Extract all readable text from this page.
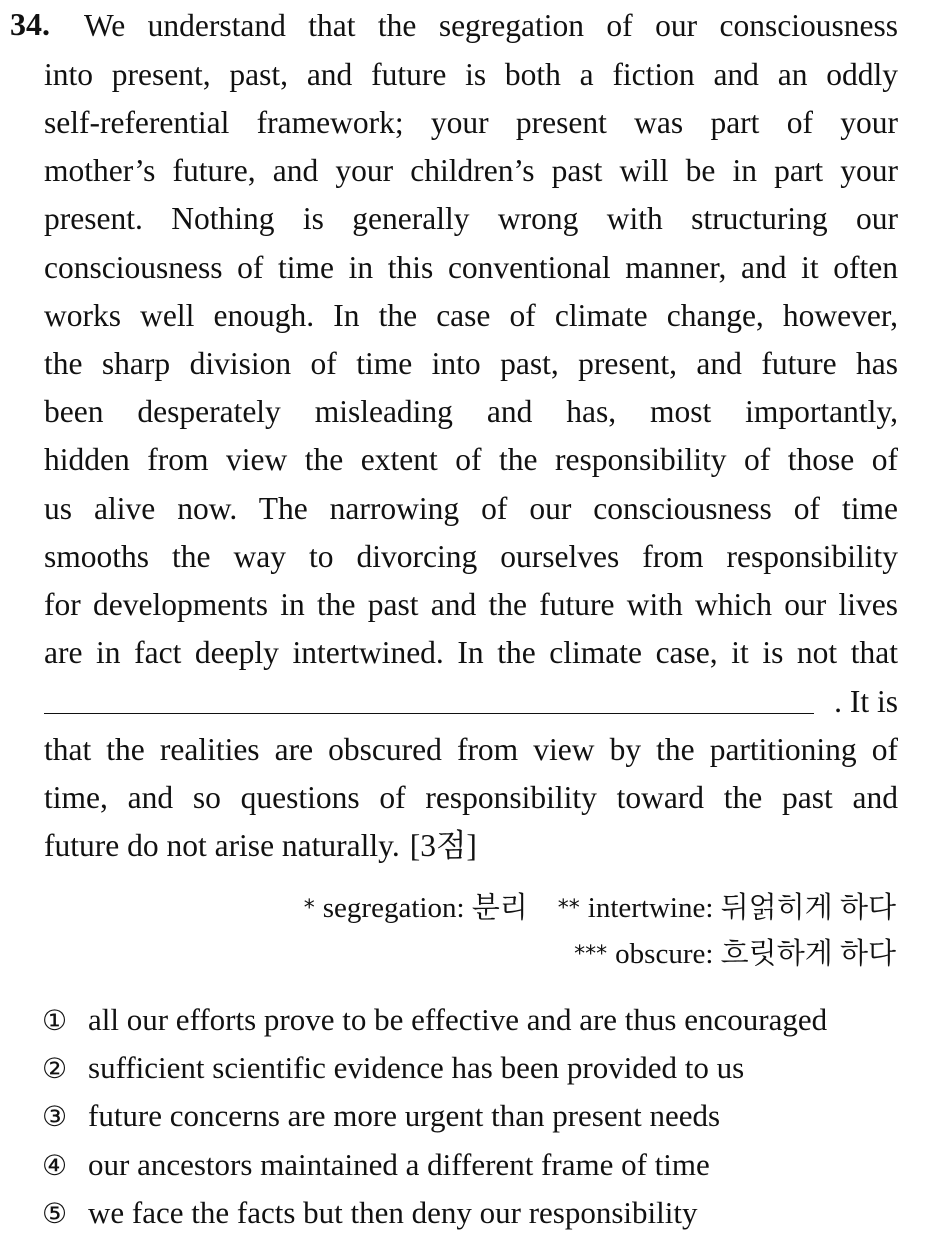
34. We understand that the segregation of our consciousness
into present, past, and future is both a fiction and an oddly
self-referential framework; your present was part of your
mother’s future, and your children’s past will be in part your
present. Nothing is generally wrong with structuring our
consciousness of time in this conventional manner, and it often
works well enough. In the case of climate change, however,
the sharp division of time into past, present, and future has
been desperately misleading and has, most importantly,
hidden from view the extent of the responsibility of those of
us alive now. The narrowing of our consciousness of time
smooths the way to divorcing ourselves from responsibility
for developments in the past and the future with which our lives
are in fact deeply intertwined. In the climate case, it is not that
. It is
that the realities are obscured from view by the partitioning of
time, and so questions of responsibility toward the past and
future do not arise naturally. [3점]
* segregation: 분리 ** intertwine: 뒤얽히게 하다
*** obscure: 흐릿하게 하다
① all our efforts prove to be effective and are thus encouraged
② sufficient scientific evidence has been provided to us
③ future concerns are more urgent than present needs
④ our ancestors maintained a different frame of time
⑤ we face the facts but then deny our responsibility
